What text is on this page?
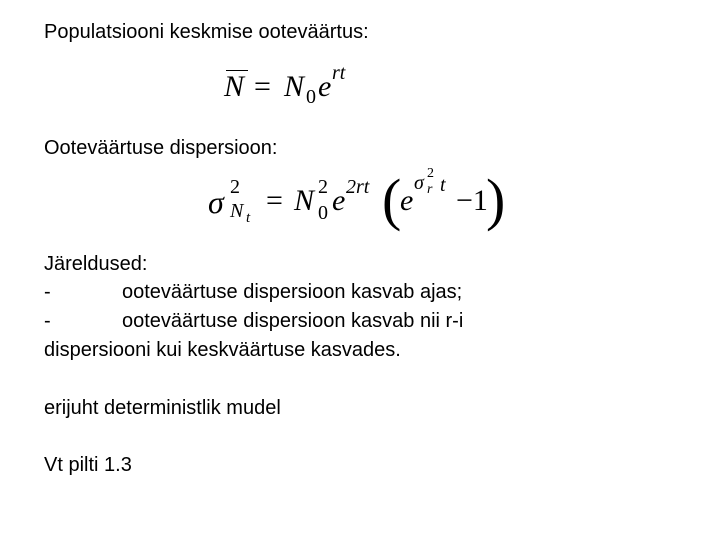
Populatsiooni keskmise ooteväärtus:
N = N 0 e rt
Ooteväärtuse dispersioon:
σ 2
N t
= N 2
0 e 2rt (
e
σ 2
r t −1
)
Järeldused:
-	ooteväärtuse dispersioon kasvab ajas;
-	ooteväärtuse dispersioon kasvab nii r-i
dispersiooni kui keskväärtuse kasvades.
erijuht deterministlik mudel
Vt pilti 1.3
